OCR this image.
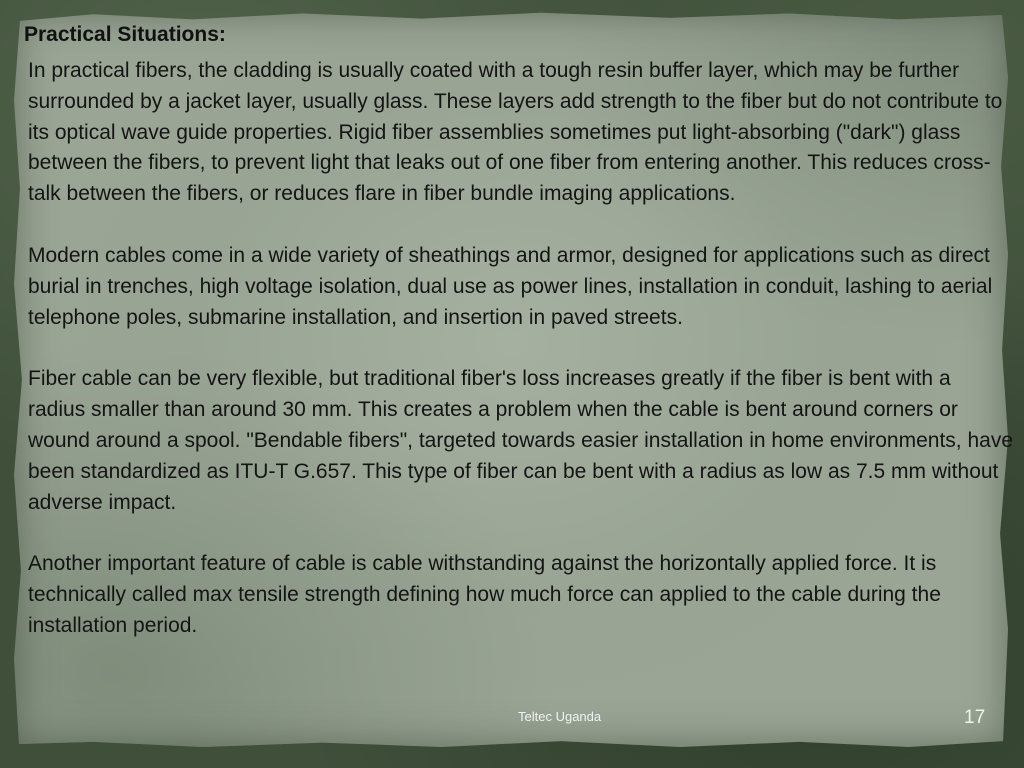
Practical Situations:

In practical fibers, the cladding is usually coated with a tough resin buffer layer, which may be further surrounded by a jacket layer, usually glass. These layers add strength to the fiber but do not contribute to its optical wave guide properties. Rigid fiber assemblies sometimes put light-absorbing ("dark") glass between the fibers, to prevent light that leaks out of one fiber from entering another. This reduces cross-talk between the fibers, or reduces flare in fiber bundle imaging applications.

Modern cables come in a wide variety of sheathings and armor, designed for applications such as direct burial in trenches, high voltage isolation, dual use as power lines, installation in conduit, lashing to aerial telephone poles, submarine installation, and insertion in paved streets.

Fiber cable can be very flexible, but traditional fiber's loss increases greatly if the fiber is bent with a radius smaller than around 30 mm. This creates a problem when the cable is bent around corners or wound around a spool. "Bendable fibers", targeted towards easier installation in home environments, have been standardized as ITU-T G.657. This type of fiber can be bent with a radius as low as 7.5 mm without adverse impact.

Another important feature of cable is cable withstanding against the horizontally applied force. It is technically called max tensile strength defining how much force can applied to the cable during the installation period.

Teltec Uganda	17
